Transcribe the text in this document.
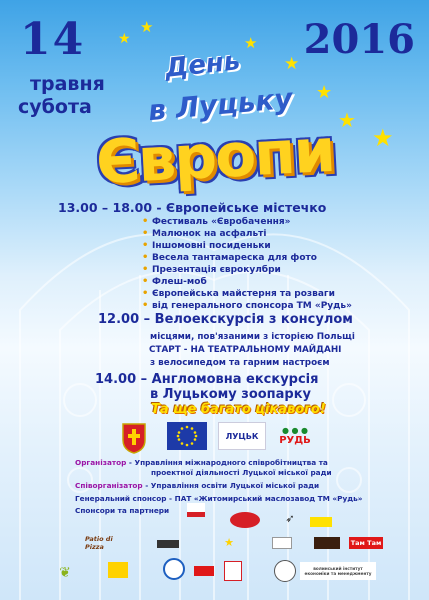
★
★
★
★
★
★
★
14	2016
травня
субота
День
в Луцьку
Європи
13.00 – 18.00 - Європейське містечко
• Фестиваль «Євробачення»
• Малюнок на асфальті
• Іншомовні посиденьки
• Весела тантамареска для фото
• Презентація єврокулбри
• Флеш-моб
• Європейська майстерня та розваги
• від генерального спонсора ТМ «Рудь»
12.00 – Велоекскурсія з консулом
місцями, пов'язаними з історією Польщі
СТАРТ - НА ТЕАТРАЛЬНОМУ МАЙДАНІ
з велосипедом та гарним настроєм
14.00 – Англомовна екскурсія
в Луцькому зоопарку
Та ще багато цікавого!
ЛУЦЬК
● ● ●
РУДЬ
Організатор - Управління міжнародного співробітництва та
проектної діяльності Луцької міської ради
Співорганізатор - Управління освіти Луцької міської ради
Генеральний спонсор - ПАТ «Житомирський маслозавод ТМ «Рудь»
Спонсори та партнери
➶
Там Там
Patio di Pizza	★
❦	волинський інститут економіки та менеджменту
